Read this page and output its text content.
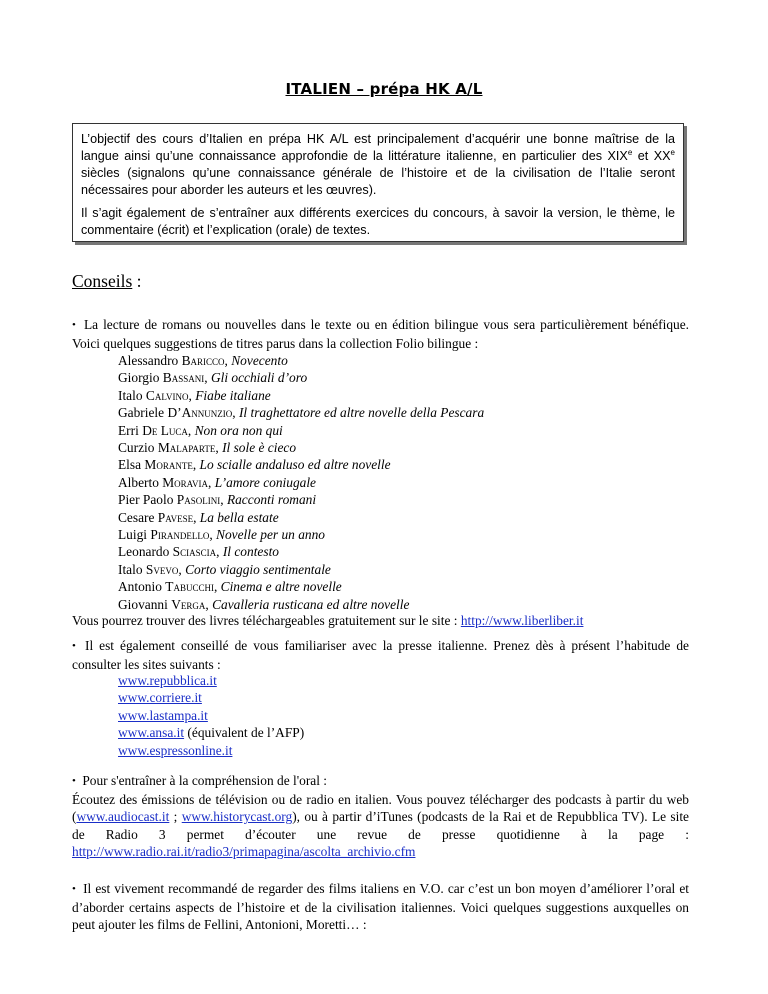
ITALIEN – prépa HK A/L

L’objectif des cours d’Italien en prépa HK A/L est principalement d’acquérir une bonne maîtrise de la langue ainsi qu’une connaissance approfondie de la littérature italienne, en particulier des XIXe et XXe siècles (signalons qu’une connaissance générale de l’histoire et de la civilisation de l’Italie seront nécessaires pour aborder les auteurs et les œuvres).

Il s’agit également de s’entraîner aux différents exercices du concours, à savoir la version, le thème, le commentaire (écrit) et l’explication (orale) de textes.

Conseils :

• La lecture de romans ou nouvelles dans le texte ou en édition bilingue vous sera particulièrement bénéfique. Voici quelques suggestions de titres parus dans la collection Folio bilingue :

Alessandro Baricco, Novecento
Giorgio Bassani, Gli occhiali d’oro
Italo Calvino, Fiabe italiane
Gabriele D’Annunzio, Il traghettatore ed altre novelle della Pescara
Erri De Luca, Non ora non qui
Curzio Malaparte, Il sole è cieco
Elsa Morante, Lo scialle andaluso ed altre novelle
Alberto Moravia, L’amore coniugale
Pier Paolo Pasolini, Racconti romani
Cesare Pavese, La bella estate
Luigi Pirandello, Novelle per un anno
Leonardo Sciascia, Il contesto
Italo Svevo, Corto viaggio sentimentale
Antonio Tabucchi, Cinema e altre novelle
Giovanni Verga, Cavalleria rusticana ed altre novelle

Vous pourrez trouver des livres téléchargeables gratuitement sur le site : http://www.liberliber.it

• Il est également conseillé de vous familiariser avec la presse italienne. Prenez dès à présent l’habitude de consulter les sites suivants :

www.repubblica.it
www.corriere.it
www.lastampa.it
www.ansa.it (équivalent de l’AFP)
www.espressonline.it

• Pour s'entraîner à la compréhension de l'oral :

Écoutez des émissions de télévision ou de radio en italien. Vous pouvez télécharger des podcasts à partir du web (www.audiocast.it ; www.historycast.org), ou à partir d’iTunes (podcasts de la Rai et de Repubblica TV). Le site de Radio 3 permet d’écouter une revue de presse quotidienne à la page : http://www.radio.rai.it/radio3/primapagina/ascolta_archivio.cfm

• Il est vivement recommandé de regarder des films italiens en V.O. car c’est un bon moyen d’améliorer l’oral et d’aborder certains aspects de l’histoire et de la civilisation italiennes. Voici quelques suggestions auxquelles on peut ajouter les films de Fellini, Antonioni, Moretti… :
